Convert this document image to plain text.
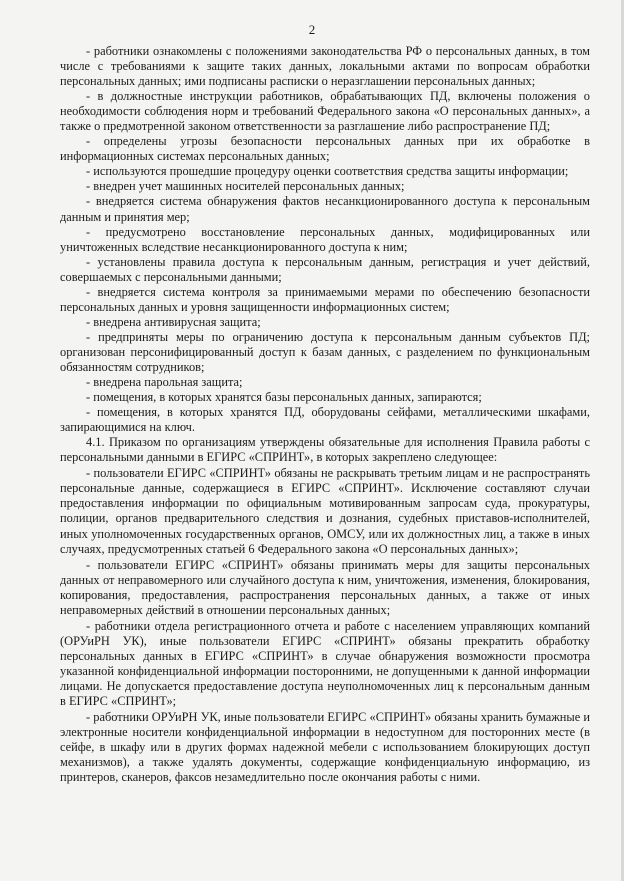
2

- работники ознакомлены с положениями законодательства РФ о персональных данных, в том числе с требованиями к защите таких данных, локальными актами по вопросам обработки персональных данных; ими подписаны расписки о неразглашении персональных данных;

- в должностные инструкции работников, обрабатывающих ПД, включены положения о необходимости соблюдения норм и требований Федерального закона «О персональных данных», а также о предмотренной законом ответственности за разглашение либо распространение ПД;

- определены угрозы безопасности персональных данных при их обработке в информационных системах персональных данных;

- используются прошедшие процедуру оценки соответствия средства защиты информации;

- внедрен учет машинных носителей персональных данных;

- внедряется система обнаружения фактов несанкционированного доступа к персональным данным и принятия мер;

- предусмотрено восстановление персональных данных, модифицированных или уничтоженных вследствие несанкционированного доступа к ним;

- установлены правила доступа к персональным данным, регистрация и учет действий, совершаемых с персональными данными;

- внедряется система контроля за принимаемыми мерами по обеспечению безопасности персональных данных и уровня защищенности информационных систем;

- внедрена антивирусная защита;

- предприняты меры по ограничению доступа к персональным данным субъектов ПД; организован персонифицированный доступ к базам данных, с разделением по функциональным обязанностям сотрудников;

- внедрена парольная защита;

- помещения, в которых хранятся базы персональных данных, запираются;

- помещения, в которых хранятся ПД, оборудованы сейфами, металлическими шкафами, запирающимися на ключ.

4.1. Приказом по организациям утверждены обязательные для исполнения Правила работы с персональными данными в ЕГИРС «СПРИНТ», в которых закреплено следующее:

- пользователи ЕГИРС «СПРИНТ» обязаны не раскрывать третьим лицам и не распространять персональные данные, содержащиеся в ЕГИРС «СПРИНТ». Исключение составляют случаи предоставления информации по официальным мотивированным запросам суда, прокуратуры, полиции, органов предварительного следствия и дознания, судебных приставов-исполнителей, иных уполномоченных государственных органов, ОМСУ, или их должностных лиц, а также в иных случаях, предусмотренных статьей 6 Федерального закона «О персональных данных»;

- пользователи ЕГИРС «СПРИНТ» обязаны принимать меры для защиты персональных данных от неправомерного или случайного доступа к ним, уничтожения, изменения, блокирования, копирования, предоставления, распространения персональных данных, а также от иных неправомерных действий в отношении персональных данных;

- работники отдела регистрационного отчета и работе с населением управляющих компаний (ОРУиРН УК), иные пользователи ЕГИРС «СПРИНТ» обязаны прекратить обработку персональных данных в ЕГИРС «СПРИНТ» в случае обнаружения возможности просмотра указанной конфиденциальной информации посторонними, не допущенными к данной информации лицами. Не допускается предоставление доступа неуполномоченных лиц к персональным данным в ЕГИРС «СПРИНТ»;

- работники ОРУиРН УК, иные пользователи ЕГИРС «СПРИНТ» обязаны хранить бумажные и электронные носители конфиденциальной информации в недоступном для посторонних месте (в сейфе, в шкафу или в других формах надежной мебели с использованием блокирующих доступ механизмов), а также удалять документы, содержащие конфиденциальную информацию, из принтеров, сканеров, факсов незамедлительно после окончания работы с ними.
